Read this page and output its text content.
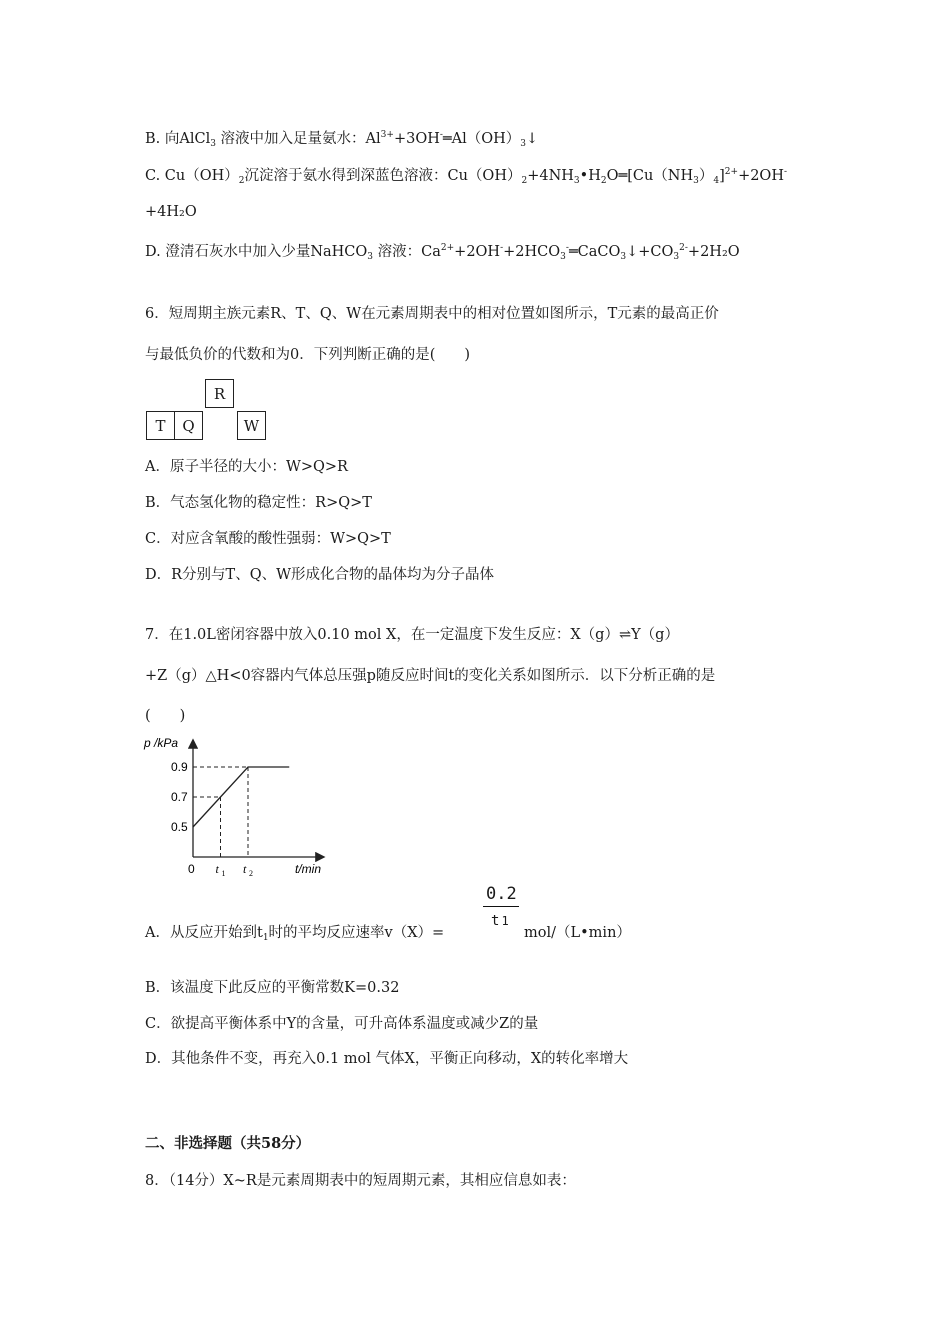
B. 向AlCl$_3$ 溶液中加入足量氨水：$Al^{3+}+3OH^-═Al(OH)_3↓$
C. $Cu(OH)_2$沉淀溶于氨水得到深蓝色溶液：$Cu(OH)_2+4NH_3•H_2O═[Cu(NH_3)_4]^{2+}+2OH^-$
+4H₂O
D. 澄清石灰水中加入少量NaHCO$_3$ 溶液：$Ca^{2+}+2OH^-+2HCO_3^-═CaCO_3↓+CO_3^{2-}+2H_2O$
6．短周期主族元素R、T、Q、W在元素周期表中的相对位置如图所示，T元素的最高正价
与最低负价的代数和为0．下列判断正确的是(　　)
R
T	Q	W
A．原子半径的大小：W>Q>R
B．气态氢化物的稳定性：R>Q>T
C．对应含氧酸的酸性强弱：W>Q>T
D．R分别与T、Q、W形成化合物的晶体均为分子晶体
7．在1.0L密闭容器中放入0.10 mol X，在一定温度下发生反应：X（g）⇌Y（g）
+Z（g）△H<0容器内气体总压强p随反应时间t的变化关系如图所示．以下分析正确的是
(　　)
p /kPa
t/min
0.5
0.7
0.9
0 t 1 t 2
A．从反应开始到$t_1$时的平均反应速率v（X）=
0.2
t 1
mol/（L•min）
B．该温度下此反应的平衡常数K=0.32
C．欲提高平衡体系中Y的含量，可升高体系温度或减少Z的量
D．其他条件不变，再充入0.1 mol 气体X，平衡正向移动，X的转化率增大
二、非选择题（共58分）
8．（14分）X~R是元素周期表中的短周期元素，其相应信息如表：
